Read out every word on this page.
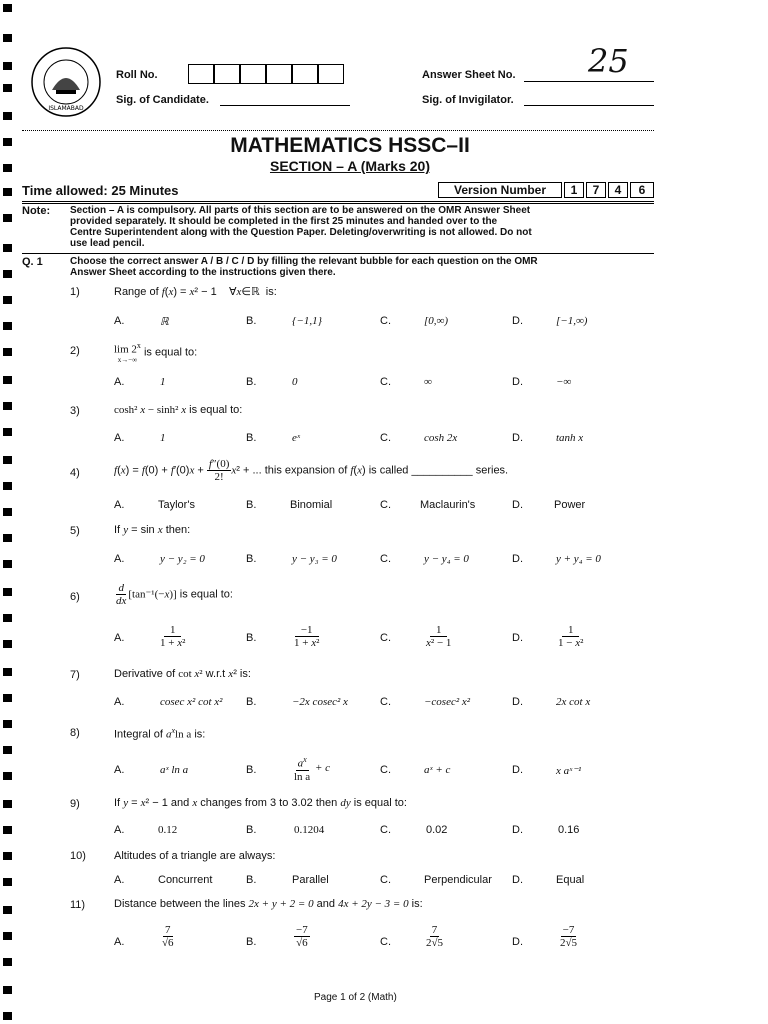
ISLAMABAD
Roll No.
Sig. of Candidate.
Answer Sheet No. 25
Sig. of Invigilator.
MATHEMATICS HSSC–II
SECTION – A (Marks 20)
Time allowed: 25 Minutes	Version Number	1	7	4	6
Note: Section – A is compulsory. All parts of this section are to be answered on the OMR Answer Sheet
provided separately. It should be completed in the first 25 minutes and handed over to the
Centre Superintendent along with the Question Paper. Deleting/overwriting is not allowed. Do not
use lead pencil.
Q. 1	Choose the correct answer A / B / C / D by filling the relevant bubble for each question on the OMR
Answer Sheet according to the instructions given there.
1)	Range of f(x) = x² − 1    ∀x∈ℝ  is:
A.	ℝ	B.	{−1,1}	C.	[0,∞)	D.	[−1,∞)
2)	lim 2$^x$
x→−∞
is equal to:
A.	1	B.	0	C.	∞	D.	−∞
3)	cosh² x − sinh² x is equal to:
A.	1	B.	eˣ	C.	cosh 2x	D.	tanh x
4)	$f(x) = f(0) + f'(0)x + \frac{f''(0)}{2!} x^2$ + ... this expansion of f(x) is called __________ series.
A.	Taylor's	B.	Binomial	C.	Maclaurin's	D.	Power
5)	If y = sin x then:
A.	y − y₂ = 0	B.	y − y₃ = 0	C.	y − y₄ = 0	D.	y + y₄ = 0
6)	$\frac{d}{dx} [\tan^{-1}(-x)]$ is equal to:
A.	$\frac{1}{\text{1 + x²}}$	B.	$\frac{-1}{\text{1 + x²}}$	C.	$\frac{1}{\text{x² − 1}}$	D.	$\frac{1}{\text{1 − x²}}$
7)	Derivative of cot x² w.r.t x² is:
A.	cosec x² cot x² B.	−2x cosec² x	C.	−cosec² x²	D.	2x cot x
8)	Integral of $a^x\ln$ a is:
A.	aˣ ln a	B.	$\frac{a^x}{\text{ln a}} + c$	C.	aˣ + c	D.	x aˣ⁻¹
9)	If y = x² − 1 and x changes from 3 to 3.02 then dy is equal to:
A.	0.12	B.	0.1204	C.	0.02	D.	0.16
10)	Altitudes of a triangle are always:
A.	Concurrent	B.	Parallel	C.	Perpendicular D.	Equal
11)	Distance between the lines 2x + y + 2 = 0 and 4x + 2y − 3 = 0 is:
A.	$\frac{7}{√6}$	B.	$\frac{-7}{√6}$	C.	$\frac{7}{2√5}$	D.	$\frac{-7}{2√5}$
Page 1 of 2 (Math)
